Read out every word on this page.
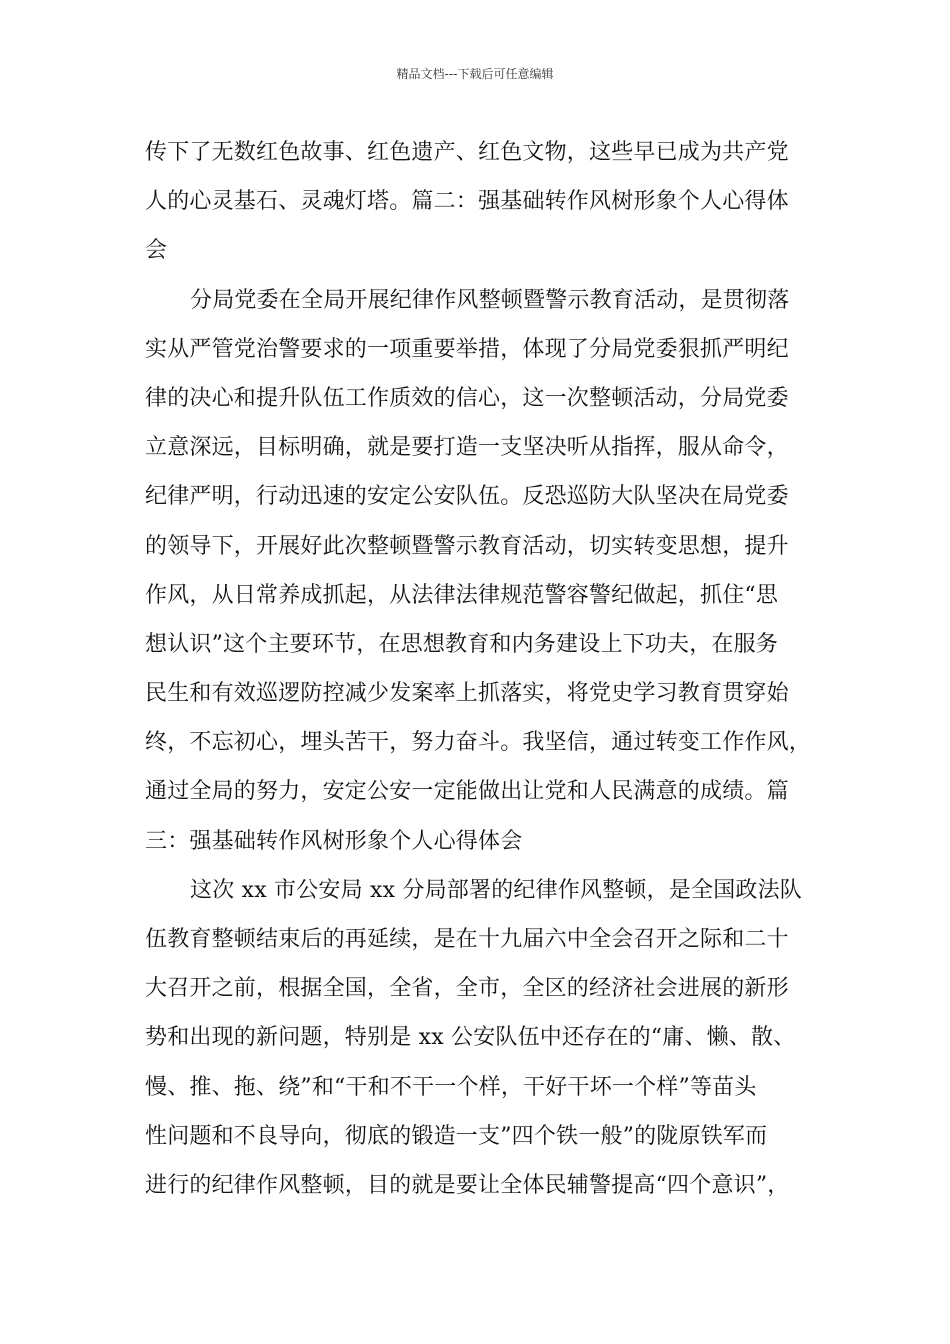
精品文档---下载后可任意编辑
传下了无数红色故事、红色遗产、红色文物，这些早已成为共产党
人的心灵基石、灵魂灯塔。篇二：强基础转作风树形象个人心得体
会
分局党委在全局开展纪律作风整顿暨警示教育活动，是贯彻落
实从严管党治警要求的一项重要举措，体现了分局党委狠抓严明纪
律的决心和提升队伍工作质效的信心，这一次整顿活动，分局党委
立意深远，目标明确，就是要打造一支坚决听从指挥，服从命令，
纪律严明，行动迅速的安定公安队伍。反恐巡防大队坚决在局党委
的领导下，开展好此次整顿暨警示教育活动，切实转变思想，提升
作风，从日常养成抓起，从法律法律规范警容警纪做起，抓住“思
想认识”这个主要环节，在思想教育和内务建设上下功夫，在服务
民生和有效巡逻防控减少发案率上抓落实，将党史学习教育贯穿始
终，不忘初心，埋头苦干，努力奋斗。我坚信，通过转变工作作风，
通过全局的努力，安定公安一定能做出让党和人民满意的成绩。篇
三：强基础转作风树形象个人心得体会
这次 xx 市公安局 xx 分局部署的纪律作风整顿，是全国政法队
伍教育整顿结束后的再延续，是在十九届六中全会召开之际和二十
大召开之前，根据全国，全省，全市，全区的经济社会进展的新形
势和出现的新问题，特别是 xx 公安队伍中还存在的“庸、懒、散、
慢、推、拖、绕”和“干和不干一个样，干好干坏一个样”等苗头
性问题和不良导向，彻底的锻造一支”四个铁一般”的陇原铁军而
进行的纪律作风整顿，目的就是要让全体民辅警提高“四个意识”，
